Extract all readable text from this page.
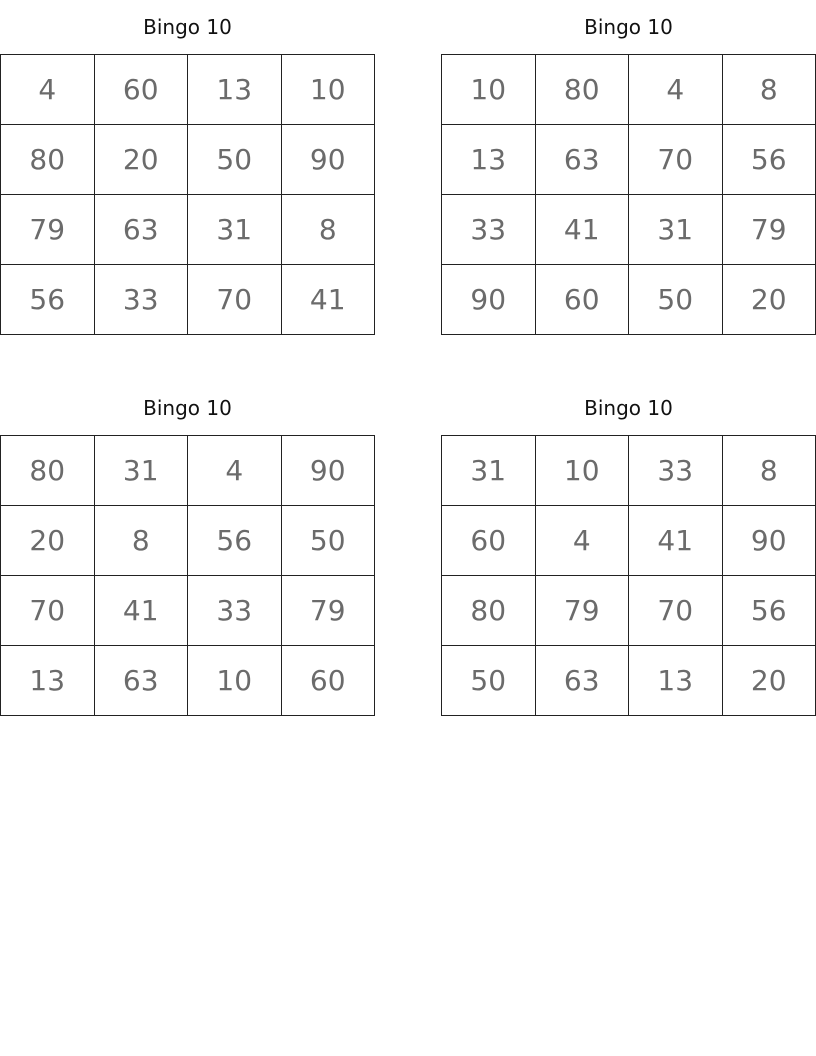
Bingo 10
4	60	13	10
80	20	50	90
79	63	31	8
56	33	70	41
Bingo 10
10	80	4	8
13	63	70	56
33	41	31	79
90	60	50	20
Bingo 10
80	31	4	90
20	8	56	50
70	41	33	79
13	63	10	60
Bingo 10
31	10	33	8
60	4	41	90
80	79	70	56
50	63	13	20
